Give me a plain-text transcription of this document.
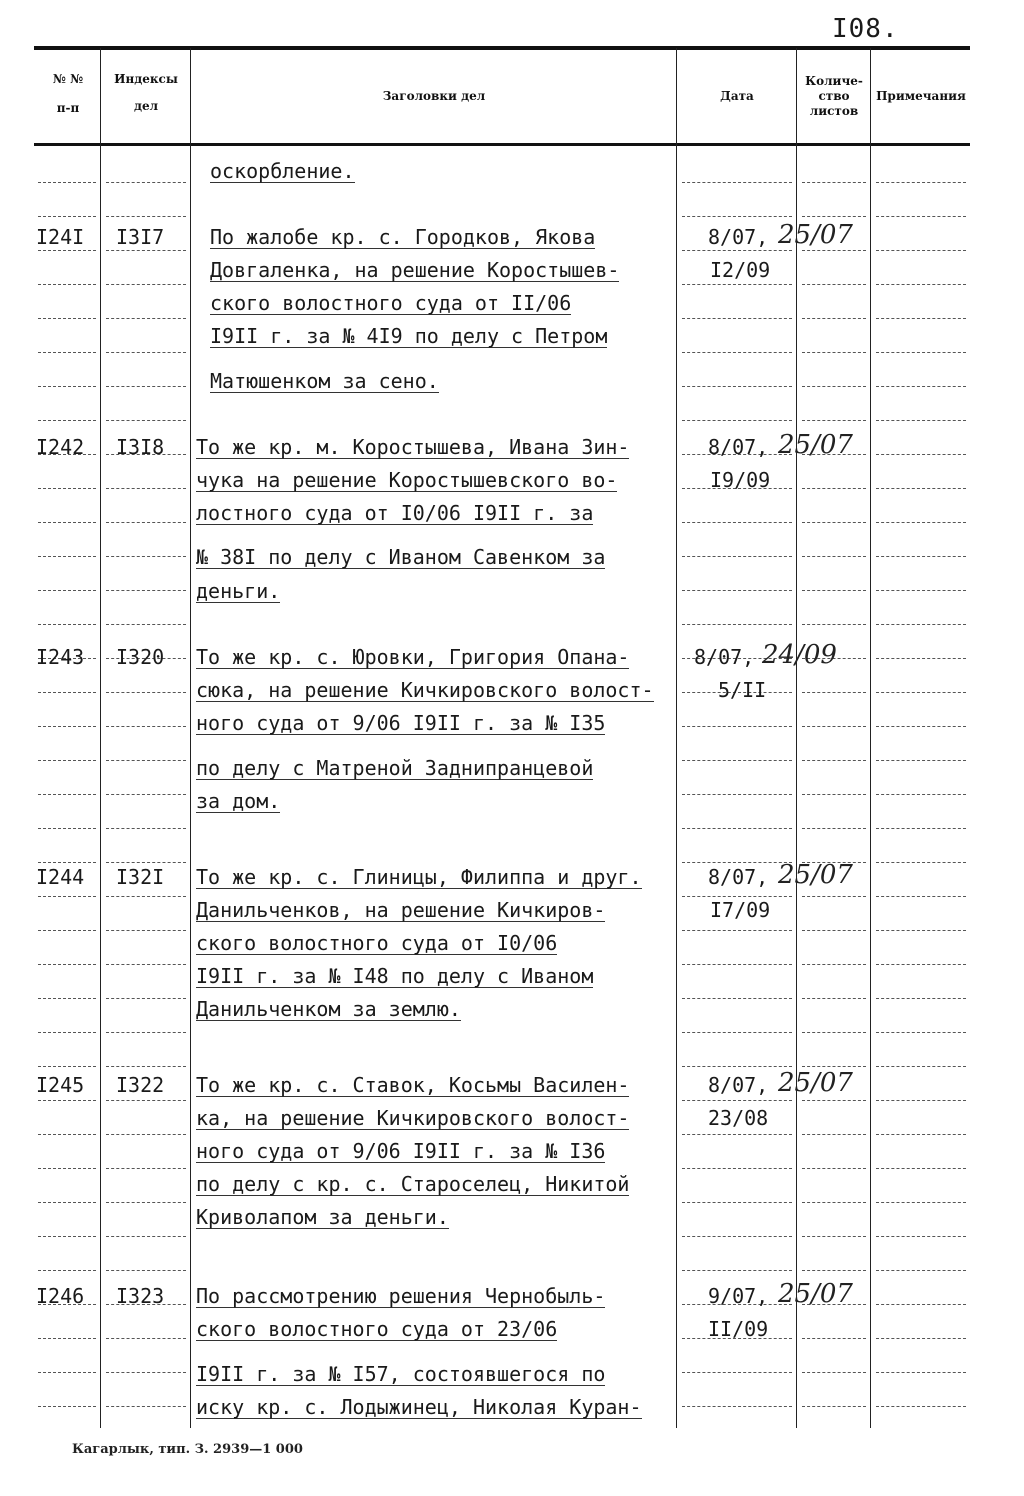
I08.
№ №
п-п
Индексы
дел
Заголовки дел	Дата
Количе-
ство
листов
Примечания
оскорбление.
I24I I3I7 По жалобе кр. с. Городков, Якова
Довгаленка, на решение Коростышев-
ского волостного суда от II/06
I9II г. за № 4I9 по делу с Петром
Матюшенком за сено.
8/07,
I2/09
25/07
I242 I3I8 То же кр. м. Коростышева, Ивана Зин-
чука на решение Коростышевского во-
лостного суда от I0/06 I9II г. за
№ 38I по делу с Иваном Савенком за
деньги.
8/07,
I9/09
25/07
I243 I320 То же кр. с. Юровки, Григория Опана-
сюка, на решение Кичкировского волост-
ного суда от 9/06 I9II г. за № I35
по делу с Матреной Заднипранцевой
за дом.
8/07,
5/II
24/09
I244 I32I То же кр. с. Глиницы, Филиппа и друг.
Данильченков, на решение Кичкиров-
ского волостного суда от I0/06
I9II г. за № I48 по делу с Иваном
Данильченком за землю.
8/07,
I7/09
25/07
I245 I322 То же кр. с. Ставок, Косьмы Василен-
ка, на решение Кичкировского волост-
ного суда от 9/06 I9II г. за № I36
по делу с кр. с. Староселец, Никитой
Криволапом за деньги.
8/07,
23/08
25/07
I246 I323 По рассмотрению решения Чернобыль-
ского волостного суда от 23/06
I9II г. за № I57, состоявшегося по
иску кр. с. Лодыжинец, Николая Куран-
9/07,
II/09
25/07
Кагарлык, тип. З. 2939—1 000
